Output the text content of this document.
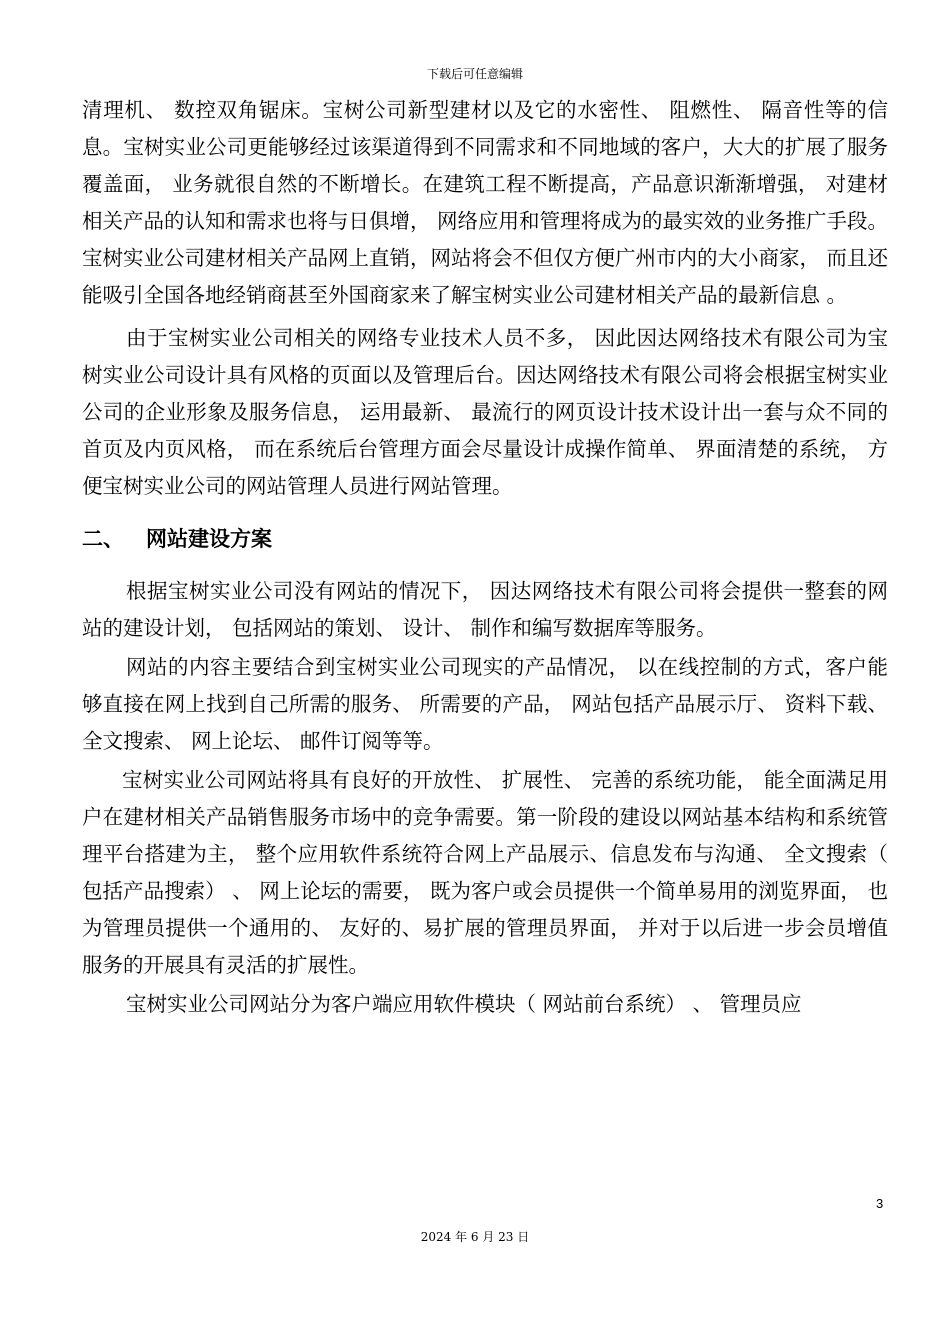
下载后可任意编辑

清理机、 数控双角锯床。宝树公司新型建材以及它的水密性、 阻燃性、 隔音性等的信息。宝树实业公司更能够经过该渠道得到不同需求和不同地域的客户，大大的扩展了服务覆盖面， 业务就很自然的不断增长。在建筑工程不断提高，产品意识渐渐增强， 对建材相关产品的认知和需求也将与日俱增， 网络应用和管理将成为的最实效的业务推广手段。宝树实业公司建材相关产品网上直销，网站将会不但仅方便广州市内的大小商家， 而且还能吸引全国各地经销商甚至外国商家来了解宝树实业公司建材相关产品的最新信息 。

由于宝树实业公司相关的网络专业技术人员不多， 因此因达网络技术有限公司为宝树实业公司设计具有风格的页面以及管理后台。因达网络技术有限公司将会根据宝树实业公司的企业形象及服务信息， 运用最新、 最流行的网页设计技术设计出一套与众不同的首页及内页风格， 而在系统后台管理方面会尽量设计成操作简单、 界面清楚的系统， 方便宝树实业公司的网站管理人员进行网站管理。

二、 网站建设方案

根据宝树实业公司没有网站的情况下， 因达网络技术有限公司将会提供一整套的网站的建设计划， 包括网站的策划、 设计、 制作和编写数据库等服务。

网站的内容主要结合到宝树实业公司现实的产品情况， 以在线控制的方式，客户能够直接在网上找到自己所需的服务、 所需要的产品， 网站包括产品展示厅、 资料下载、 全文搜索、 网上论坛、 邮件订阅等等。

宝树实业公司网站将具有良好的开放性、 扩展性、 完善的系统功能， 能全面满足用户在建材相关产品销售服务市场中的竞争需要。第一阶段的建设以网站基本结构和系统管理平台搭建为主， 整个应用软件系统符合网上产品展示、信息发布与沟通、 全文搜索（ 包括产品搜索） 、 网上论坛的需要， 既为客户或会员提供一个简单易用的浏览界面， 也为管理员提供一个通用的、 友好的、易扩展的管理员界面， 并对于以后进一步会员增值服务的开展具有灵活的扩展性。

宝树实业公司网站分为客户端应用软件模块（ 网站前台系统） 、 管理员应

3
2024 年 6 月 23 日
